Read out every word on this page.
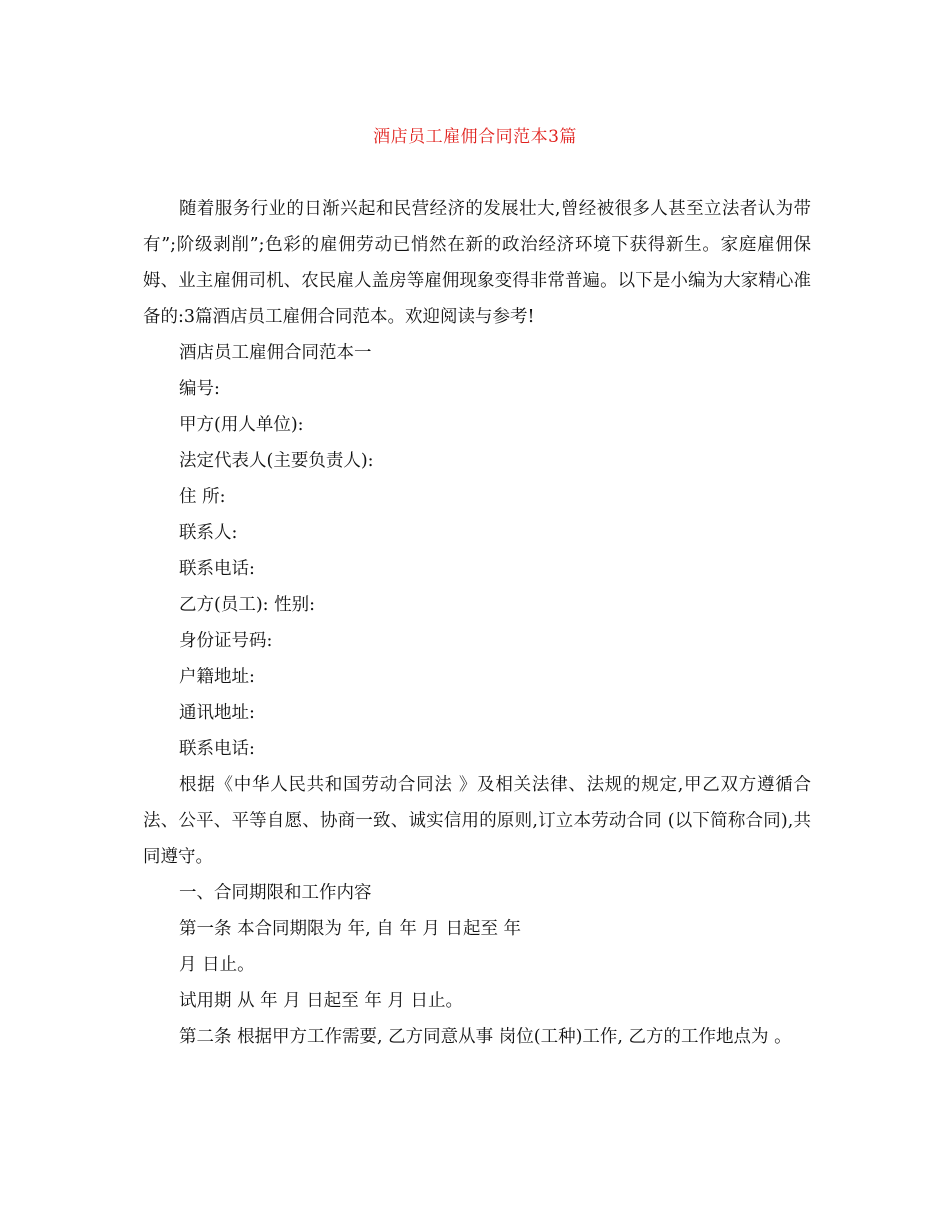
酒店员工雇佣合同范本3篇

随着服务行业的日渐兴起和民营经济的发展壮大,曾经被很多人甚至立法者认为带有”;阶级剥削”;色彩的雇佣劳动已悄然在新的政治经济环境下获得新生。家庭雇佣保姆、业主雇佣司机、农民雇人盖房等雇佣现象变得非常普遍。以下是小编为大家精心准备的:3篇酒店员工雇佣合同范本。欢迎阅读与参考!

酒店员工雇佣合同范本一

编号:

甲方(用人单位):

法定代表人(主要负责人):

住 所:

联系人:

联系电话:

乙方(员工): 性别:

身份证号码:

户籍地址:

通讯地址:

联系电话:

根据《中华人民共和国劳动合同法 》及相关法律、法规的规定,甲乙双方遵循合法、公平、平等自愿、协商一致、诚实信用的原则,订立本劳动合同 (以下简称合同),共同遵守。

一、合同期限和工作内容

第一条 本合同期限为 年, 自 年 月 日起至 年

月 日止。

试用期 从 年 月 日起至 年 月 日止。

第二条 根据甲方工作需要, 乙方同意从事 岗位(工种)工作, 乙方的工作地点为 。
